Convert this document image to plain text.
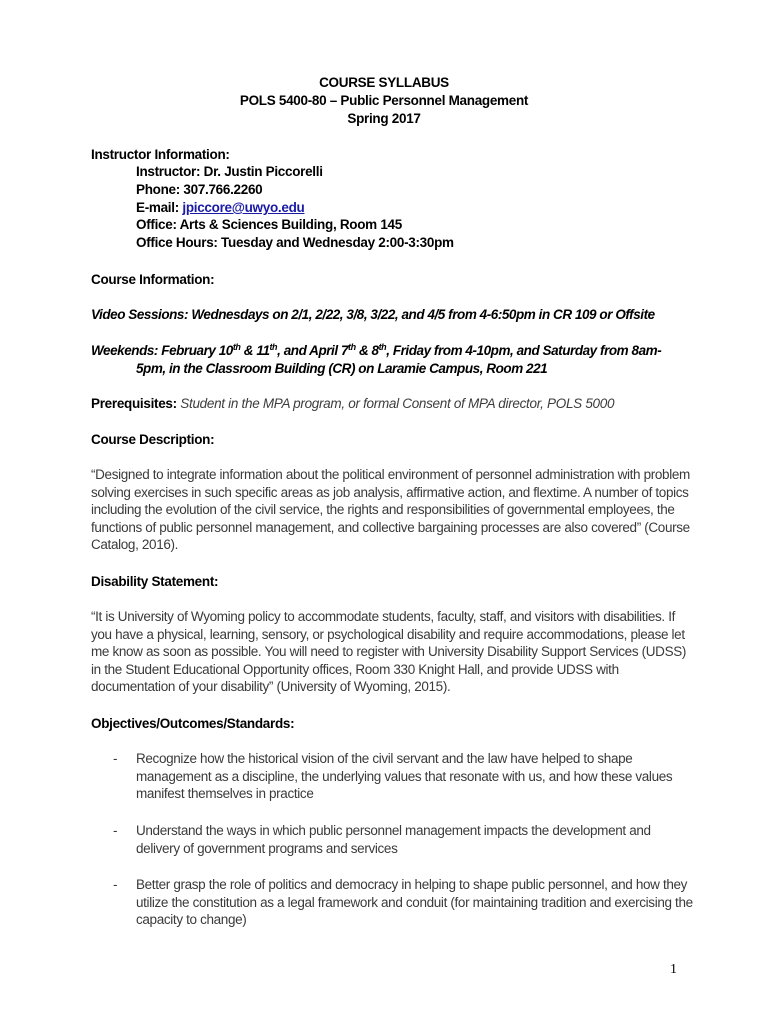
COURSE SYLLABUS
POLS 5400-80 – Public Personnel Management
Spring 2017
Instructor Information:
Instructor: Dr. Justin Piccorelli
Phone: 307.766.2260
E-mail: jpiccore@uwyo.edu
Office: Arts & Sciences Building, Room 145
Office Hours: Tuesday and Wednesday 2:00-3:30pm
Course Information:
Video Sessions: Wednesdays on 2/1, 2/22, 3/8, 3/22, and 4/5 from 4-6:50pm in CR 109 or Offsite
Weekends: February 10th & 11th, and April 7th & 8th, Friday from 4-10pm, and Saturday from 8am-
5pm, in the Classroom Building (CR) on Laramie Campus, Room 221
Prerequisites: Student in the MPA program, or formal Consent of MPA director, POLS 5000
Course Description:
“Designed to integrate information about the political environment of personnel administration with problem solving exercises in such specific areas as job analysis, affirmative action, and flextime. A number of topics including the evolution of the civil service, the rights and responsibilities of governmental employees, the functions of public personnel management, and collective bargaining processes are also covered” (Course Catalog, 2016).
Disability Statement:
“It is University of Wyoming policy to accommodate students, faculty, staff, and visitors with disabilities. If you have a physical, learning, sensory, or psychological disability and require accommodations, please let me know as soon as possible. You will need to register with University Disability Support Services (UDSS) in the Student Educational Opportunity offices, Room 330 Knight Hall, and provide UDSS with documentation of your disability” (University of Wyoming, 2015).
Objectives/Outcomes/Standards:
- Recognize how the historical vision of the civil servant and the law have helped to shape management as a discipline, the underlying values that resonate with us, and how these values manifest themselves in practice
- Understand the ways in which public personnel management impacts the development and delivery of government programs and services
- Better grasp the role of politics and democracy in helping to shape public personnel, and how they utilize the constitution as a legal framework and conduit (for maintaining tradition and exercising the capacity to change)
1
